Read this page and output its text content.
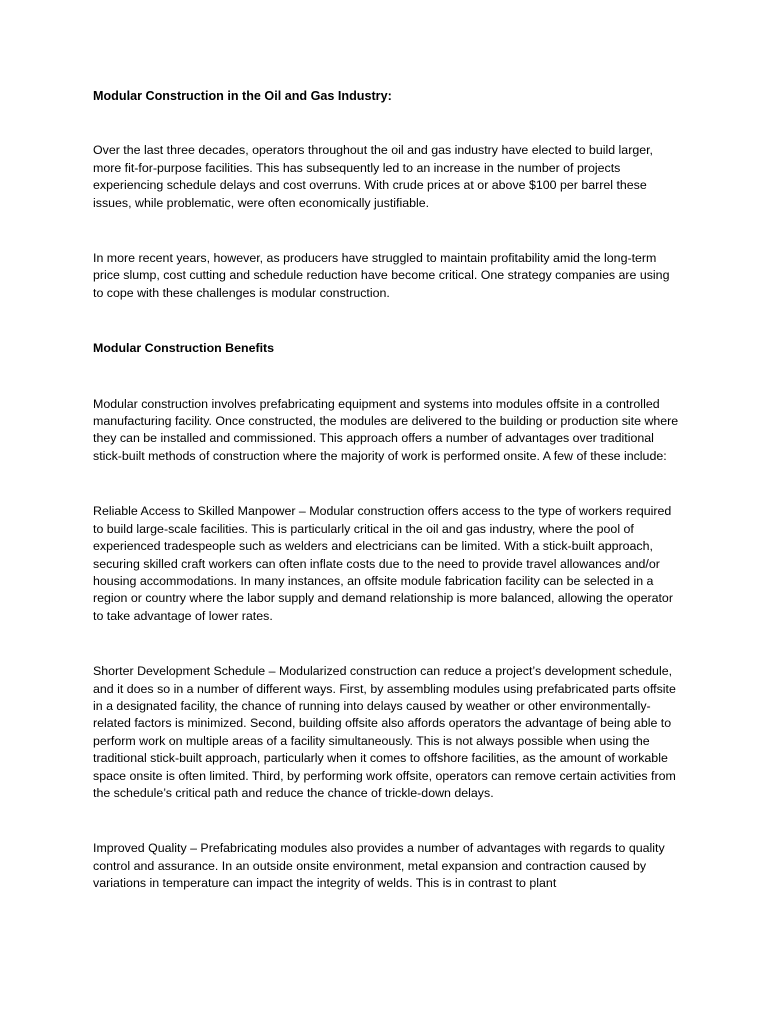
Modular Construction in the Oil and Gas Industry:

Over the last three decades, operators throughout the oil and gas industry have elected to build larger, more fit-for-purpose facilities. This has subsequently led to an increase in the number of projects experiencing schedule delays and cost overruns. With crude prices at or above $100 per barrel these issues, while problematic, were often economically justifiable.

In more recent years, however, as producers have struggled to maintain profitability amid the long-term price slump, cost cutting and schedule reduction have become critical. One strategy companies are using to cope with these challenges is modular construction.

Modular Construction Benefits

Modular construction involves prefabricating equipment and systems into modules offsite in a controlled manufacturing facility. Once constructed, the modules are delivered to the building or production site where they can be installed and commissioned. This approach offers a number of advantages over traditional stick-built methods of construction where the majority of work is performed onsite. A few of these include:

Reliable Access to Skilled Manpower – Modular construction offers access to the type of workers required to build large-scale facilities. This is particularly critical in the oil and gas industry, where the pool of experienced tradespeople such as welders and electricians can be limited. With a stick-built approach, securing skilled craft workers can often inflate costs due to the need to provide travel allowances and/or housing accommodations. In many instances, an offsite module fabrication facility can be selected in a region or country where the labor supply and demand relationship is more balanced, allowing the operator to take advantage of lower rates.

Shorter Development Schedule – Modularized construction can reduce a project’s development schedule, and it does so in a number of different ways. First, by assembling modules using prefabricated parts offsite in a designated facility, the chance of running into delays caused by weather or other environmentally-related factors is minimized. Second, building offsite also affords operators the advantage of being able to perform work on multiple areas of a facility simultaneously. This is not always possible when using the traditional stick-built approach, particularly when it comes to offshore facilities, as the amount of workable space onsite is often limited. Third, by performing work offsite, operators can remove certain activities from the schedule’s critical path and reduce the chance of trickle-down delays.

Improved Quality – Prefabricating modules also provides a number of advantages with regards to quality control and assurance. In an outside onsite environment, metal expansion and contraction caused by variations in temperature can impact the integrity of welds. This is in contrast to plant
